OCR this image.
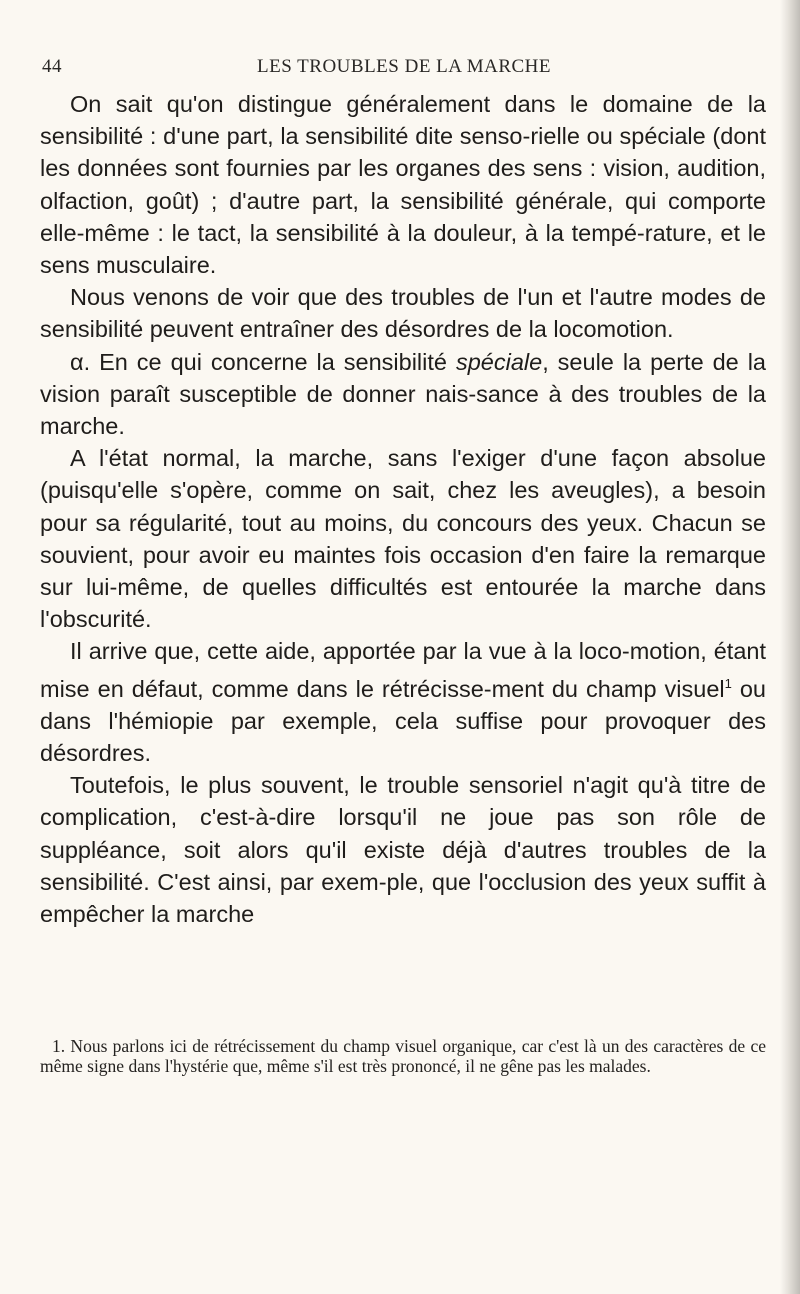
44	LES TROUBLES DE LA MARCHE

On sait qu'on distingue généralement dans le domaine de la sensibilité : d'une part, la sensibilité dite senso-rielle ou spéciale (dont les données sont fournies par les organes des sens : vision, audition, olfaction, goût) ; d'autre part, la sensibilité générale, qui comporte elle-même : le tact, la sensibilité à la douleur, à la tempé-rature, et le sens musculaire.

Nous venons de voir que des troubles de l'un et l'autre modes de sensibilité peuvent entraîner des désordres de la locomotion.

α. En ce qui concerne la sensibilité spéciale, seule la perte de la vision paraît susceptible de donner nais-sance à des troubles de la marche.

A l'état normal, la marche, sans l'exiger d'une façon absolue (puisqu'elle s'opère, comme on sait, chez les aveugles), a besoin pour sa régularité, tout au moins, du concours des yeux. Chacun se souvient, pour avoir eu maintes fois occasion d'en faire la remarque sur lui-même, de quelles difficultés est entourée la marche dans l'obscurité.

Il arrive que, cette aide, apportée par la vue à la loco-motion, étant mise en défaut, comme dans le rétrécisse-ment du champ visuel$^1$ ou dans l'hémiopie par exemple, cela suffise pour provoquer des désordres.

Toutefois, le plus souvent, le trouble sensoriel n'agit qu'à titre de complication, c'est-à-dire lorsqu'il ne joue pas son rôle de suppléance, soit alors qu'il existe déjà d'autres troubles de la sensibilité. C'est ainsi, par exem-ple, que l'occlusion des yeux suffit à empêcher la marche

1. Nous parlons ici de rétrécissement du champ visuel organique, car c'est là un des caractères de ce même signe dans l'hystérie que, même s'il est très prononcé, il ne gêne pas les malades.
